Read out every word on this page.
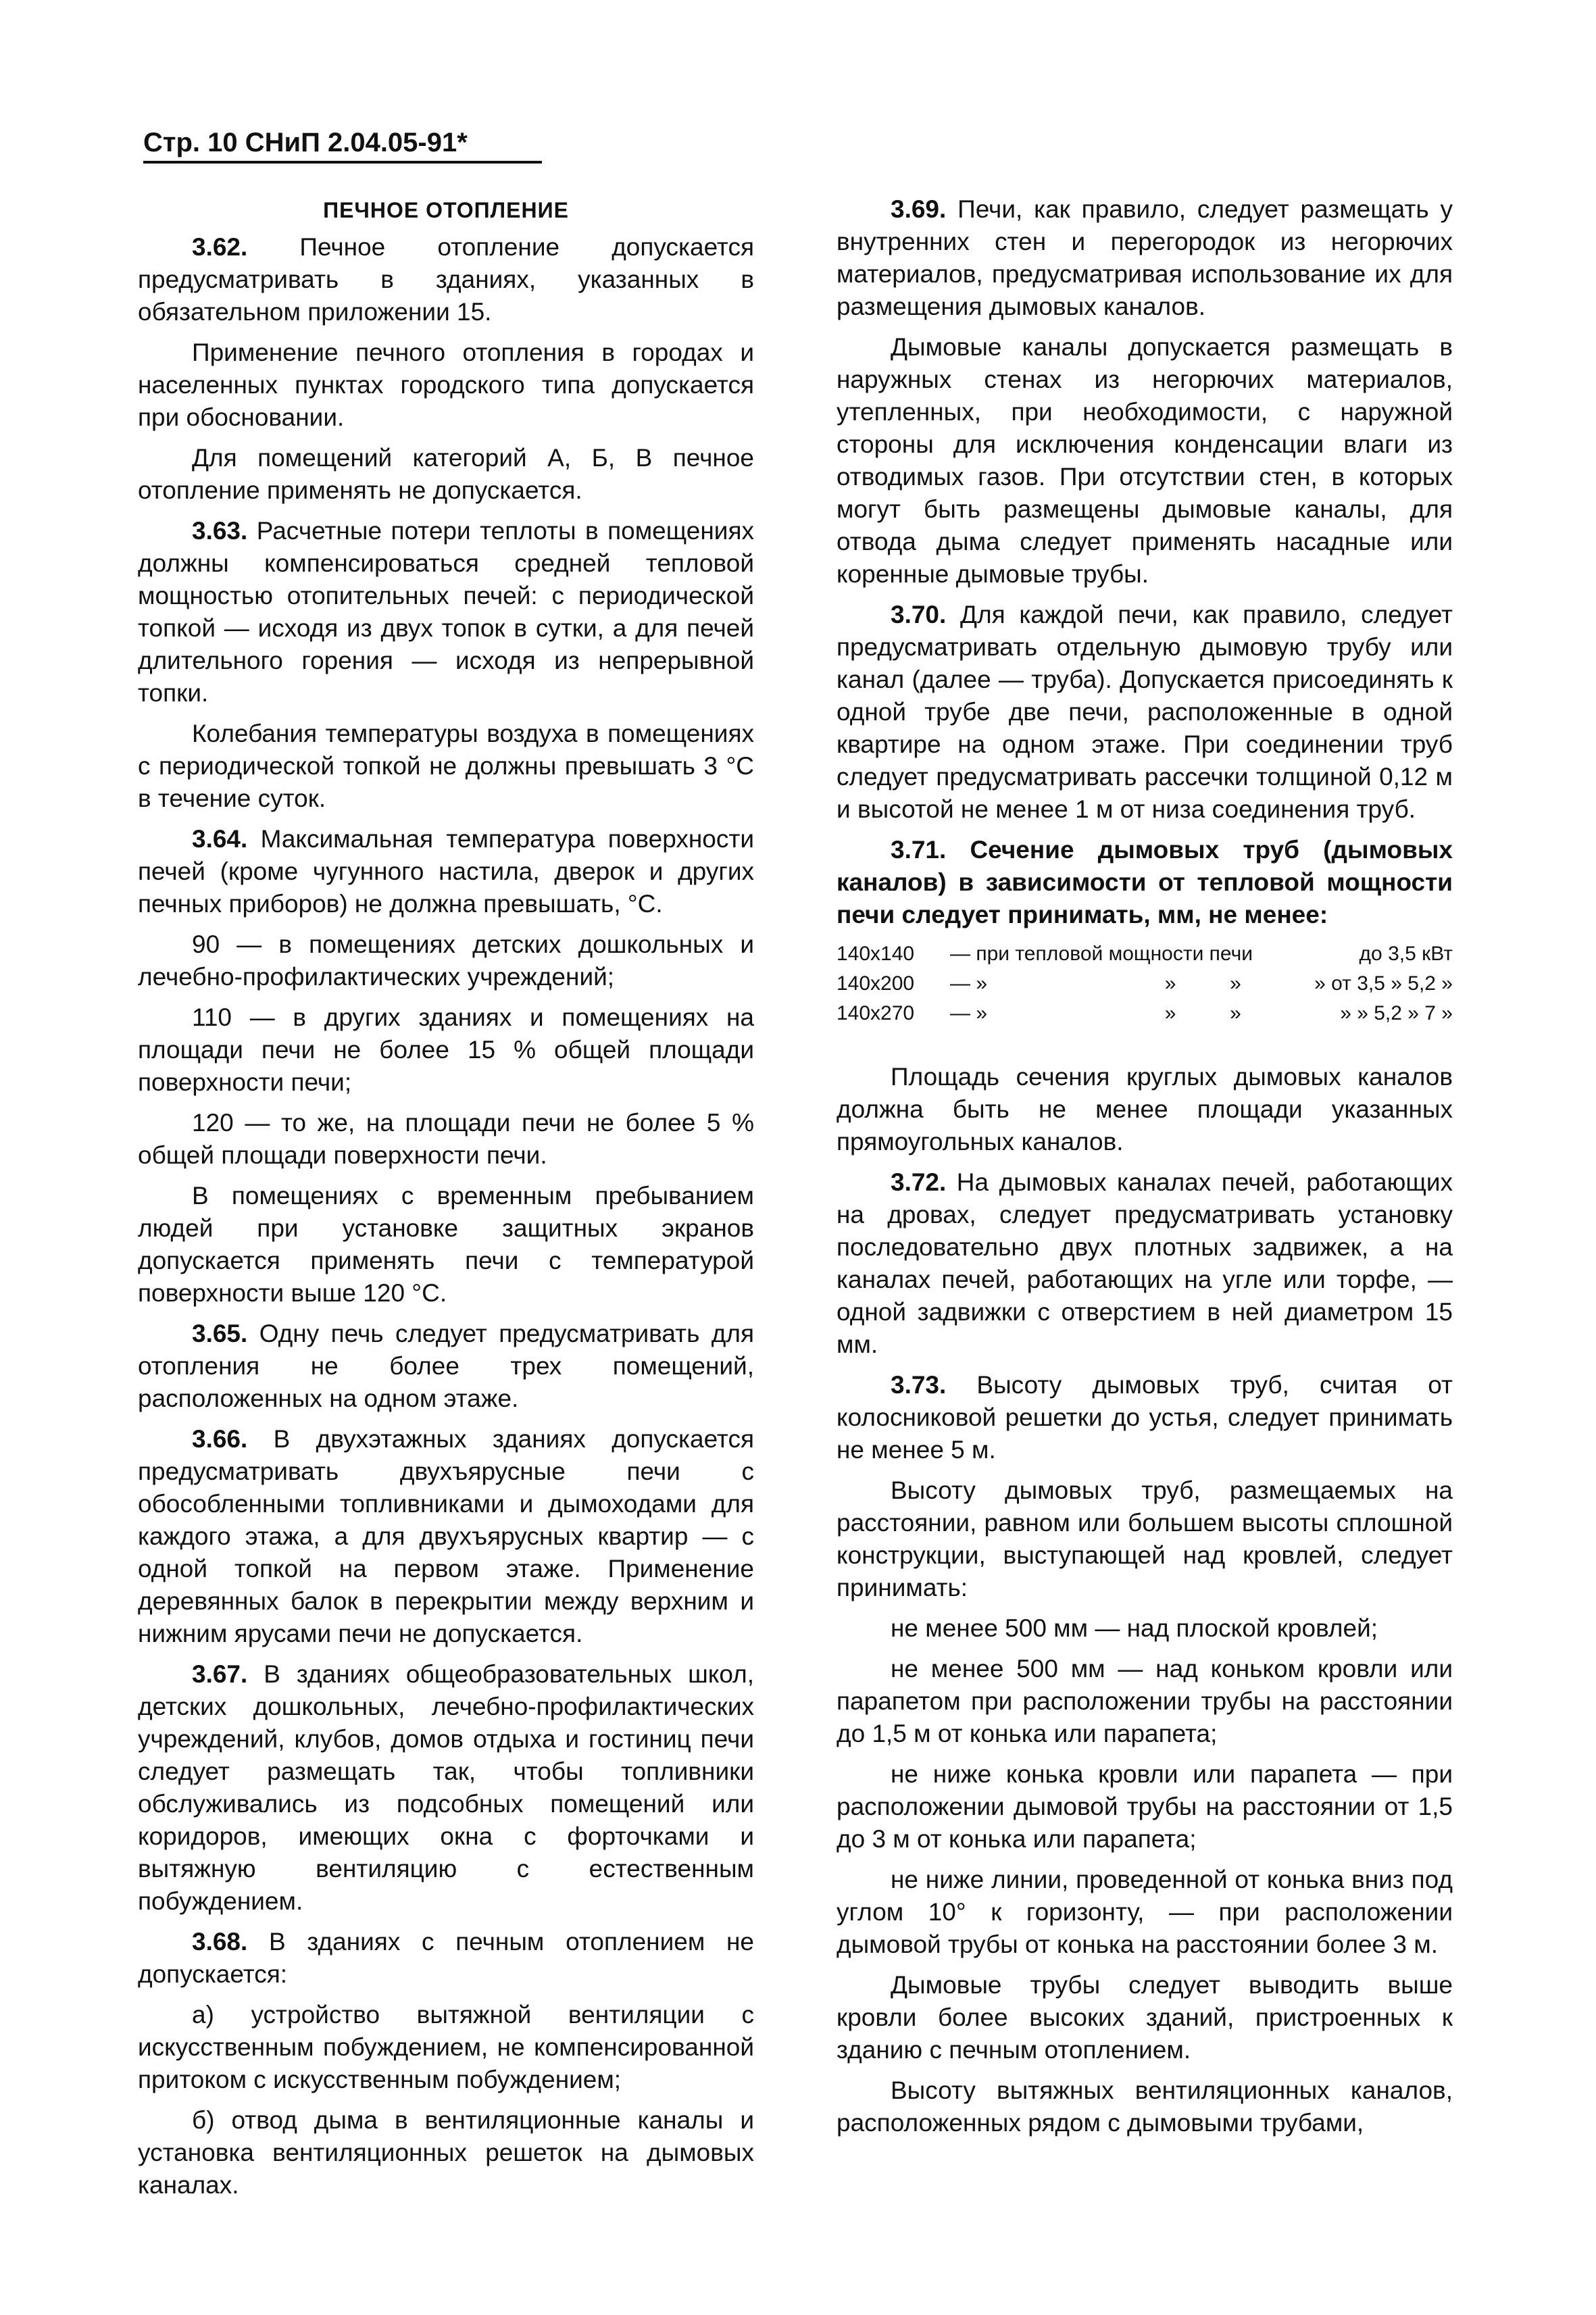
Стр. 10 СНиП 2.04.05-91*
ПЕЧНОЕ ОТОПЛЕНИЕ

3.62. Печное отопление допускается предусматривать в зданиях, указанных в обязательном приложении 15.

Применение печного отопления в городах и населенных пунктах городского типа допускается при обосновании.

Для помещений категорий А, Б, В печное отопление применять не допускается.

3.63. Расчетные потери теплоты в помещениях должны компенсироваться средней тепловой мощностью отопительных печей: с периодической топкой — исходя из двух топок в сутки, а для печей длительного горения — исходя из непрерывной топки.

Колебания температуры воздуха в помещениях с периодической топкой не должны превышать 3 °С в течение суток.

3.64. Максимальная температура поверхности печей (кроме чугунного настила, дверок и других печных приборов) не должна превышать, °С.

90 — в помещениях детских дошкольных и лечебно-профилактических учреждений;

110 — в других зданиях и помещениях на площади печи не более 15 % общей площади поверхности печи;

120 — то же, на площади печи не более 5 % общей площади поверхности печи.

В помещениях с временным пребыванием людей при установке защитных экранов допускается применять печи с температурой поверхности выше 120 °С.

3.65. Одну печь следует предусматривать для отопления не более трех помещений, расположенных на одном этаже.

3.66. В двухэтажных зданиях допускается предусматривать двухъярусные печи с обособленными топливниками и дымоходами для каждого этажа, а для двухъярусных квартир — с одной топкой на первом этаже. Применение деревянных балок в перекрытии между верхним и нижним ярусами печи не допускается.

3.67. В зданиях общеобразовательных школ, детских дошкольных, лечебно-профилактических учреждений, клубов, домов отдыха и гостиниц печи следует размещать так, чтобы топливники обслуживались из подсобных помещений или коридоров, имеющих окна с форточками и вытяжную вентиляцию с естественным побуждением.

3.68. В зданиях с печным отоплением не допускается:

а) устройство вытяжной вентиляции с искусственным побуждением, не компенсированной притоком с искусственным побуждением;

б) отвод дыма в вентиляционные каналы и установка вентиляционных решеток на дымовых каналах.

3.69. Печи, как правило, следует размещать у внутренних стен и перегородок из негорючих материалов, предусматривая использование их для размещения дымовых каналов.

Дымовые каналы допускается размещать в наружных стенах из негорючих материалов, утепленных, при необходимости, с наружной стороны для исключения конденсации влаги из отводимых газов. При отсутствии стен, в которых могут быть размещены дымовые каналы, для отвода дыма следует применять насадные или коренные дымовые трубы.

3.70. Для каждой печи, как правило, следует предусматривать отдельную дымовую трубу или канал (далее — труба). Допускается присоединять к одной трубе две печи, расположенные в одной квартире на одном этаже. При соединении труб следует предусматривать рассечки толщиной 0,12 м и высотой не менее 1 м от низа соединения труб.

3.71. Сечение дымовых труб (дымовых каналов) в зависимости от тепловой мощности печи следует принимать, мм, не менее:

140x140	— при тепловой мощности печи			до 3,5 кВт
140x200	— »	»	»	» от 3,5 » 5,2 »
140x270	— »	»	»	» » 5,2 » 7 »

Площадь сечения круглых дымовых каналов должна быть не менее площади указанных прямоугольных каналов.

3.72. На дымовых каналах печей, работающих на дровах, следует предусматривать установку последовательно двух плотных задвижек, а на каналах печей, работающих на угле или торфе, — одной задвижки с отверстием в ней диаметром 15 мм.

3.73. Высоту дымовых труб, считая от колосниковой решетки до устья, следует принимать не менее 5 м.

Высоту дымовых труб, размещаемых на расстоянии, равном или большем высоты сплошной конструкции, выступающей над кровлей, следует принимать:

не менее 500 мм — над плоской кровлей;

не менее 500 мм — над коньком кровли или парапетом при расположении трубы на расстоянии до 1,5 м от конька или парапета;

не ниже конька кровли или парапета — при расположении дымовой трубы на расстоянии от 1,5 до 3 м от конька или парапета;

не ниже линии, проведенной от конька вниз под углом 10° к горизонту, — при расположении дымовой трубы от конька на расстоянии более 3 м.

Дымовые трубы следует выводить выше кровли более высоких зданий, пристроенных к зданию с печным отоплением.

Высоту вытяжных вентиляционных каналов, расположенных рядом с дымовыми трубами,
